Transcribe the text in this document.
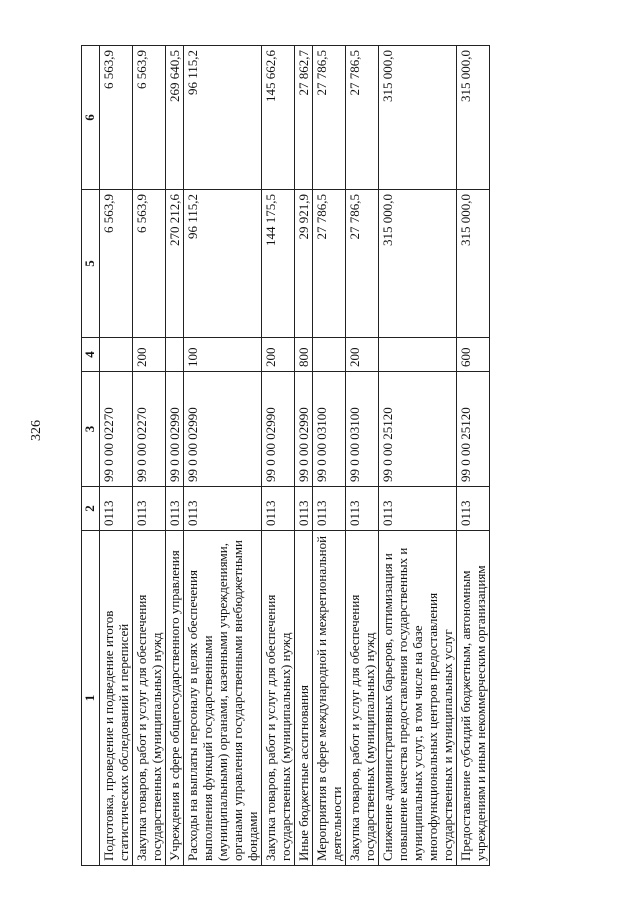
326
1	2	3	4	5	6
Подготовка, проведение и подведение итогов статистических обследований и переписей	0113	99 0 00 02270		6 563,9	6 563,9
Закупка товаров, работ и услуг для обеспечения государственных (муниципальных) нужд	0113	99 0 00 02270	200	6 563,9	6 563,9
Учреждения в сфере общегосударственного управления	0113	99 0 00 02990		270 212,6	269 640,5
Расходы на выплаты персоналу в целях обеспечения выполнения функций государственными (муниципальными) органами, казенными учреждениями, органами управления государственными внебюджетными фондами	0113	99 0 00 02990	100	96 115,2	96 115,2
Закупка товаров, работ и услуг для обеспечения государственных (муниципальных) нужд	0113	99 0 00 02990	200	144 175,5	145 662,6
Иные бюджетные ассигнования	0113	99 0 00 02990	800	29 921,9	27 862,7
Мероприятия в сфере международной и межрегиональной деятельности	0113	99 0 00 03100		27 786,5	27 786,5
Закупка товаров, работ и услуг для обеспечения государственных (муниципальных) нужд	0113	99 0 00 03100	200	27 786,5	27 786,5
Снижение административных барьеров, оптимизация и повышение качества предоставления государственных и муниципальных услуг, в том числе на базе многофункциональных центров предоставления государственных и муниципальных услуг	0113	99 0 00 25120		315 000,0	315 000,0
Предоставление субсидий бюджетным, автономным учреждениям и иным некоммерческим организациям	0113	99 0 00 25120	600	315 000,0	315 000,0
